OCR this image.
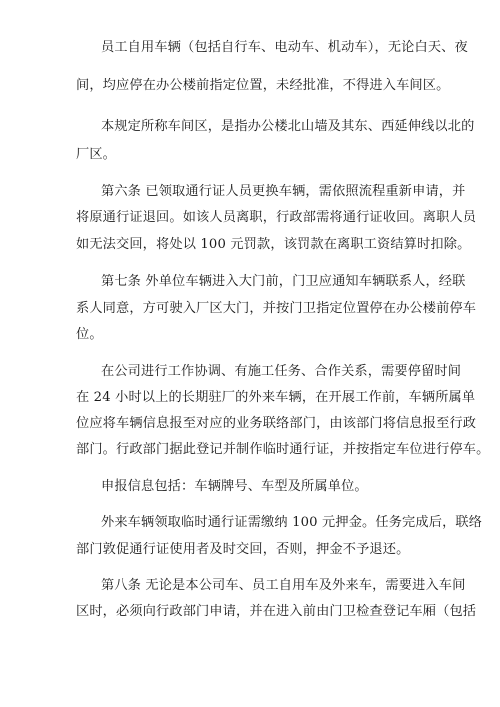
员工自用车辆（包括自行车、电动车、机动车），无论白天、夜
间，均应停在办公楼前指定位置，未经批准，不得进入车间区。
本规定所称车间区，是指办公楼北山墙及其东、西延伸线以北的
厂区。
第六条 已领取通行证人员更换车辆，需依照流程重新申请，并
将原通行证退回。如该人员离职，行政部需将通行证收回。离职人员
如无法交回，将处以 100 元罚款，该罚款在离职工资结算时扣除。
第七条 外单位车辆进入大门前，门卫应通知车辆联系人，经联
系人同意，方可驶入厂区大门，并按门卫指定位置停在办公楼前停车
位。
在公司进行工作协调、有施工任务、合作关系，需要停留时间
在 24 小时以上的长期驻厂的外来车辆，在开展工作前，车辆所属单
位应将车辆信息报至对应的业务联络部门，由该部门将信息报至行政
部门。行政部门据此登记并制作临时通行证，并按指定车位进行停车。
申报信息包括：车辆牌号、车型及所属单位。
外来车辆领取临时通行证需缴纳 100 元押金。任务完成后，联络
部门敦促通行证使用者及时交回，否则，押金不予退还。
第八条 无论是本公司车、员工自用车及外来车，需要进入车间
区时，必须向行政部门申请，并在进入前由门卫检查登记车厢（包括
